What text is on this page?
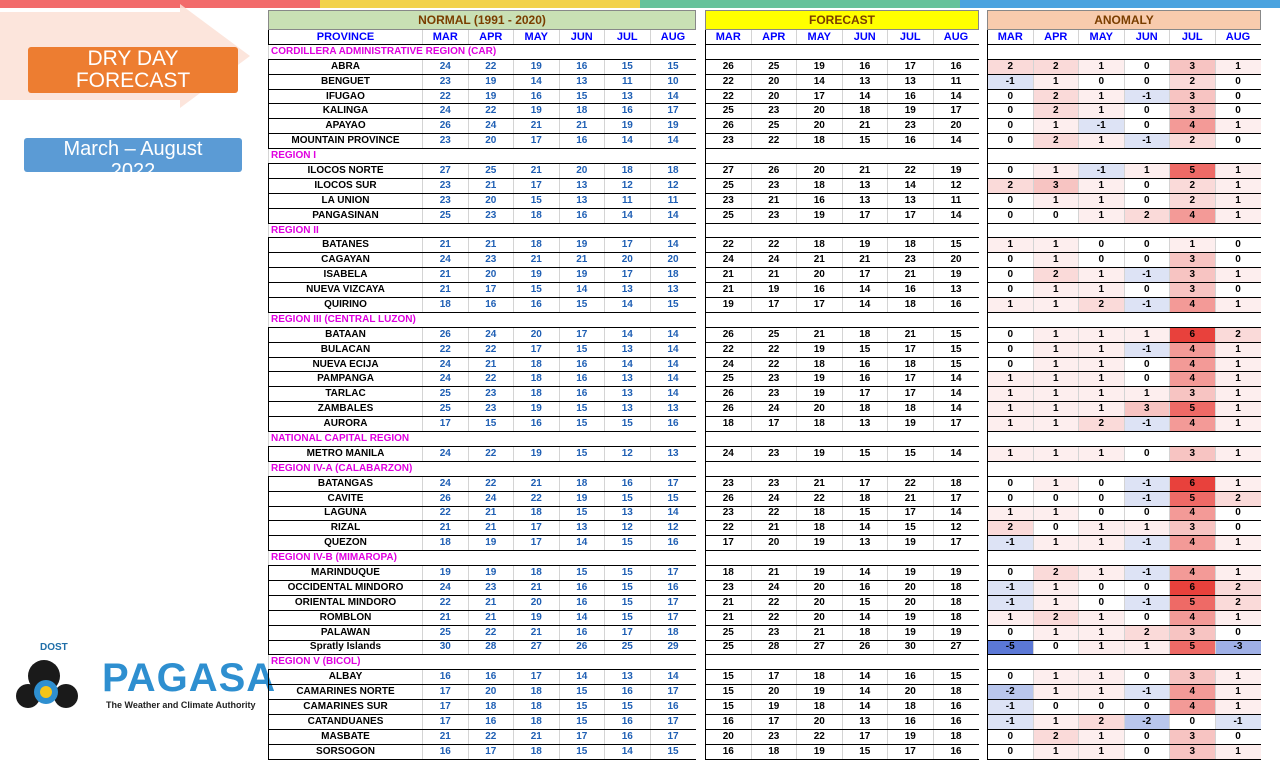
DRY DAY
FORECAST
March – August
2022
DOST
PAGASA
The Weather and Climate Authority
NORMAL (1991 - 2020)								FORECAST							ANOMALY					
PROVINCE	MAR	APR	MAY	JUN	JUL	AUG		MAR	APR	MAY	JUN	JUL	AUG		MAR	APR	MAY	JUN	JUL	AUG
CORDILLERA ADMINISTRATIVE REGION (CAR)																				
ABRA	24	22	19	16	15	15		26	25	19	16	17	16		2	2	1	0	3	1
BENGUET	23	19	14	13	11	10		22	20	14	13	13	11		-1	1	0	0	2	0
IFUGAO	22	19	16	15	13	14		22	20	17	14	16	14		0	2	1	-1	3	0
KALINGA	24	22	19	18	16	17		25	23	20	18	19	17		0	2	1	0	3	0
APAYAO	26	24	21	21	19	19		26	25	20	21	23	20		0	1	-1	0	4	1
MOUNTAIN PROVINCE	23	20	17	16	14	14		23	22	18	15	16	14		0	2	1	-1	2	0
REGION I																				
ILOCOS NORTE	27	25	21	20	18	18		27	26	20	21	22	19		0	1	-1	1	5	1
ILOCOS SUR	23	21	17	13	12	12		25	23	18	13	14	12		2	3	1	0	2	1
LA UNION	23	20	15	13	11	11		23	21	16	13	13	11		0	1	1	0	2	1
PANGASINAN	25	23	18	16	14	14		25	23	19	17	17	14		0	0	1	2	4	1
REGION II																				
BATANES	21	21	18	19	17	14		22	22	18	19	18	15		1	1	0	0	1	0
CAGAYAN	24	23	21	21	20	20		24	24	21	21	23	20		0	1	0	0	3	0
ISABELA	21	20	19	19	17	18		21	21	20	17	21	19		0	2	1	-1	3	1
NUEVA VIZCAYA	21	17	15	14	13	13		21	19	16	14	16	13		0	1	1	0	3	0
QUIRINO	18	16	16	15	14	15		19	17	17	14	18	16		1	1	2	-1	4	1
REGION III (CENTRAL LUZON)																				
BATAAN	26	24	20	17	14	14		26	25	21	18	21	15		0	1	1	1	6	2
BULACAN	22	22	17	15	13	14		22	22	19	15	17	15		0	1	1	-1	4	1
NUEVA ECIJA	24	21	18	16	14	14		24	22	18	16	18	15		0	1	1	0	4	1
PAMPANGA	24	22	18	16	13	14		25	23	19	16	17	14		1	1	1	0	4	1
TARLAC	25	23	18	16	13	14		26	23	19	17	17	14		1	1	1	1	3	1
ZAMBALES	25	23	19	15	13	13		26	24	20	18	18	14		1	1	1	3	5	1
AURORA	17	15	16	15	15	16		18	17	18	13	19	17		1	1	2	-1	4	1
NATIONAL CAPITAL REGION																				
METRO MANILA	24	22	19	15	12	13		24	23	19	15	15	14		1	1	1	0	3	1
REGION IV-A (CALABARZON)																				
BATANGAS	24	22	21	18	16	17		23	23	21	17	22	18		0	1	0	-1	6	1
CAVITE	26	24	22	19	15	15		26	24	22	18	21	17		0	0	0	-1	5	2
LAGUNA	22	21	18	15	13	14		23	22	18	15	17	14		1	1	0	0	4	0
RIZAL	21	21	17	13	12	12		22	21	18	14	15	12		2	0	1	1	3	0
QUEZON	18	19	17	14	15	16		17	20	19	13	19	17		-1	1	1	-1	4	1
REGION IV-B (MIMAROPA)																				
MARINDUQUE	19	19	18	15	15	17		18	21	19	14	19	19		0	2	1	-1	4	1
OCCIDENTAL MINDORO	24	23	21	16	15	16		23	24	20	16	20	18		-1	1	0	0	6	2
ORIENTAL MINDORO	22	21	20	16	15	17		21	22	20	15	20	18		-1	1	0	-1	5	2
ROMBLON	21	21	19	14	15	17		21	22	20	14	19	18		1	2	1	0	4	1
PALAWAN	25	22	21	16	17	18		25	23	21	18	19	19		0	1	1	2	3	0
Spratly Islands	30	28	27	26	25	29		25	28	27	26	30	27		-5	0	1	1	5	-3
REGION V (BICOL)																				
ALBAY	16	16	17	14	13	14		15	17	18	14	16	15		0	1	1	0	3	1
CAMARINES NORTE	17	20	18	15	16	17		15	20	19	14	20	18		-2	1	1	-1	4	1
CAMARINES SUR	17	18	18	15	15	16		15	19	18	14	18	16		-1	0	0	0	4	1
CATANDUANES	17	16	18	15	16	17		16	17	20	13	16	16		-1	1	2	-2	0	-1
MASBATE	21	22	21	17	16	17		20	23	22	17	19	18		0	2	1	0	3	0
SORSOGON	16	17	18	15	14	15		16	18	19	15	17	16		0	1	1	0	3	1
